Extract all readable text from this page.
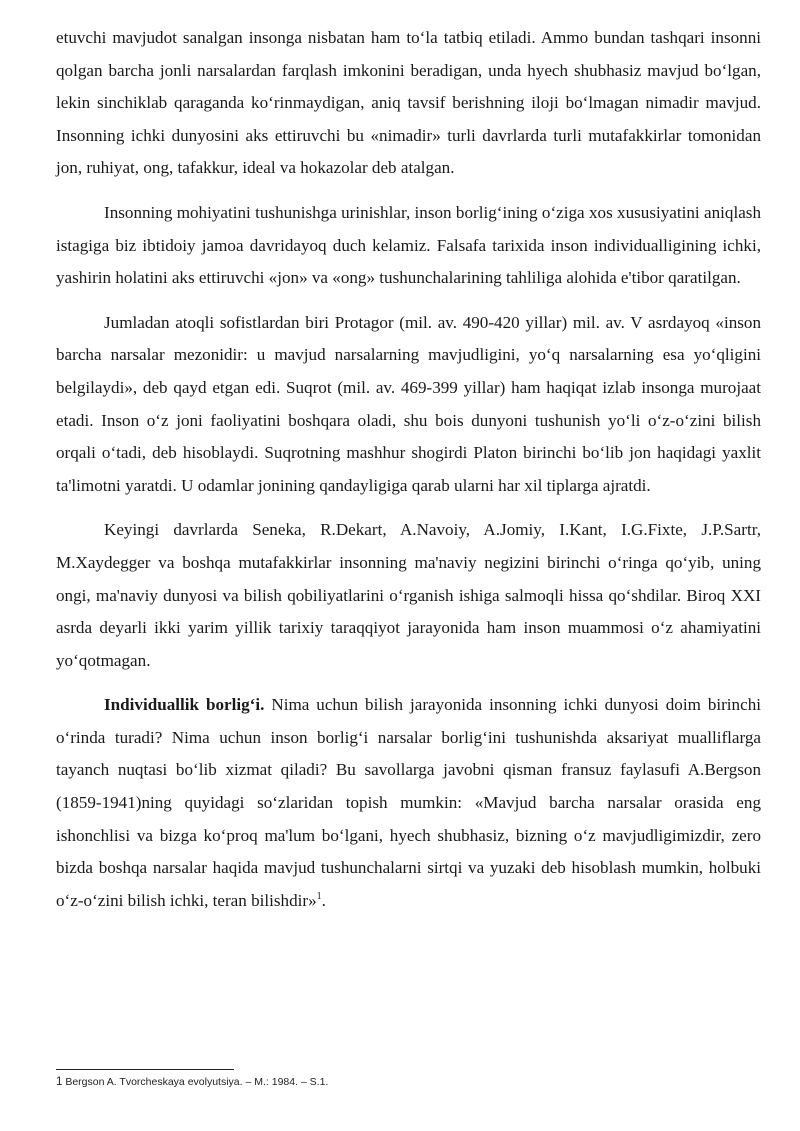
etuvchi mavjudot sanalgan insonga nisbatan ham to‘la tatbiq etiladi. Ammo bundan tashqari insonni qolgan barcha jonli narsalardan farqlash imkonini beradigan, unda hyech shubhasiz mavjud bo‘lgan, lekin sinchiklab qaraganda ko‘rinmaydigan, aniq tavsif berishning iloji bo‘lmagan nimadir mavjud. Insonning ichki dunyosini aks ettiruvchi bu «nimadir» turli davrlarda turli mutafakkirlar tomonidan jon, ruhiyat, ong, tafakkur, ideal va hokazolar deb atalgan.

Insonning mohiyatini tushunishga urinishlar, inson borlig‘ining o‘ziga xos xususiyatini aniqlash istagiga biz ibtidoiy jamoa davridayoq duch kelamiz. Falsafa tarixida inson individualligining ichki, yashirin holatini aks ettiruvchi «jon» va «ong» tushunchalarining tahliliga alohida e'tibor qaratilgan.

Jumladan atoqli sofistlardan biri Protagor (mil. av. 490-420 yillar) mil. av. V asrdayoq «inson barcha narsalar mezonidir: u mavjud narsalarning mavjudligini, yo‘q narsalarning esa yo‘qligini belgilaydi», deb qayd etgan edi. Suqrot (mil. av. 469-399 yillar) ham haqiqat izlab insonga murojaat etadi. Inson o‘z joni faoliyatini boshqara oladi, shu bois dunyoni tushunish yo‘li o‘z-o‘zini bilish orqali o‘tadi, deb hisoblaydi. Suqrotning mashhur shogirdi Platon birinchi bo‘lib jon haqidagi yaxlit ta'limotni yaratdi. U odamlar jonining qandayligiga qarab ularni har xil tiplarga ajratdi.

Keyingi davrlarda Seneka, R.Dekart, A.Navoiy, A.Jomiy, I.Kant, I.G.Fixte, J.P.Sartr, M.Xaydegger va boshqa mutafakkirlar insonning ma'naviy negizini birinchi o‘ringa qo‘yib, uning ongi, ma'naviy dunyosi va bilish qobiliyatlarini o‘rganish ishiga salmoqli hissa qo‘shdilar. Biroq XXI asrda deyarli ikki yarim yillik tarixiy taraqqiyot jarayonida ham inson muammosi o‘z ahamiyatini yo‘qotmagan.

Individuallik borlig‘i. Nima uchun bilish jarayonida insonning ichki dunyosi doim birinchi o‘rinda turadi? Nima uchun inson borlig‘i narsalar borlig‘ini tushunishda aksariyat mualliflarga tayanch nuqtasi bo‘lib xizmat qiladi? Bu savollarga javobni qisman fransuz faylasufi A.Bergson (1859-1941)ning quyidagi so‘zlaridan topish mumkin: «Mavjud barcha narsalar orasida eng ishonchlisi va bizga ko‘proq ma'lum bo‘lgani, hyech shubhasiz, bizning o‘z mavjudligimizdir, zero bizda boshqa narsalar haqida mavjud tushunchalarni sirtqi va yuzaki deb hisoblash mumkin, holbuki o‘z-o‘zini bilish ichki, teran bilishdir»$^1$.

1 Bergson A. Tvorcheskaya evolyutsiya. – M.: 1984. – S.1.
